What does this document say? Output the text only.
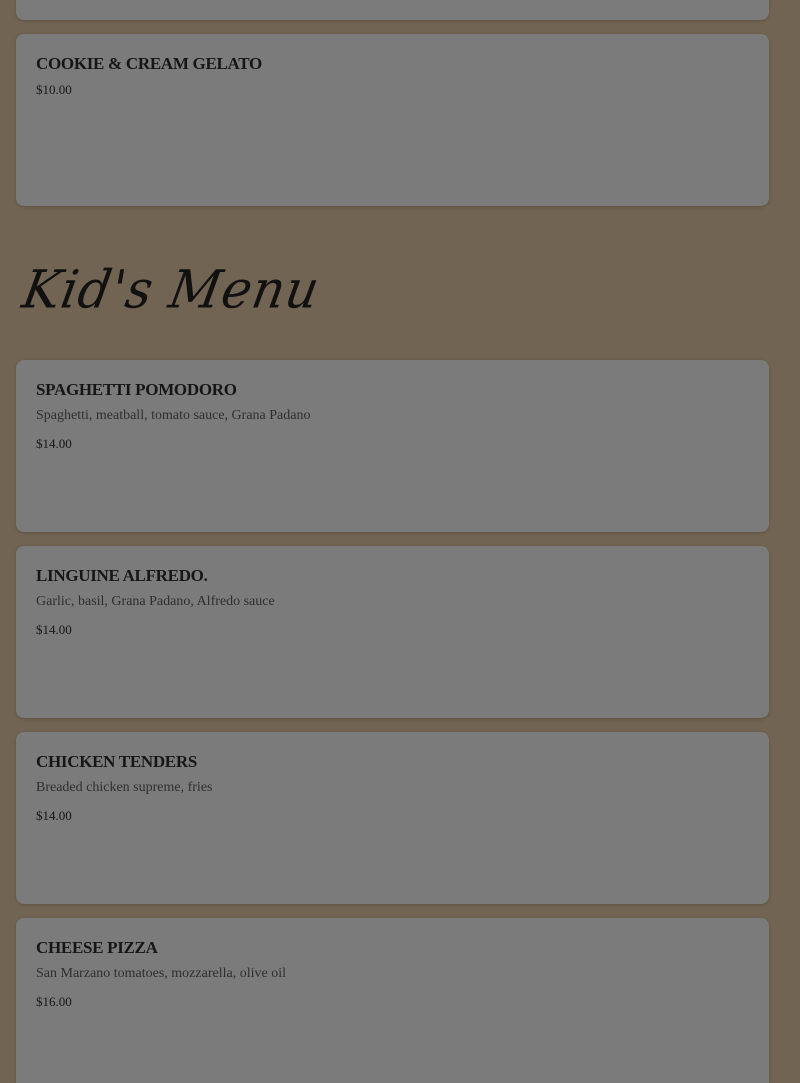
COOKIE & CREAM GELATO
$10.00
Kid's Menu
SPAGHETTI POMODORO
Spaghetti, meatball, tomato sauce, Grana Padano
$14.00
LINGUINE ALFREDO.
Garlic, basil, Grana Padano, Alfredo sauce
$14.00
CHICKEN TENDERS
Breaded chicken supreme, fries
$14.00
CHEESE PIZZA
San Marzano tomatoes, mozzarella, olive oil
$16.00
